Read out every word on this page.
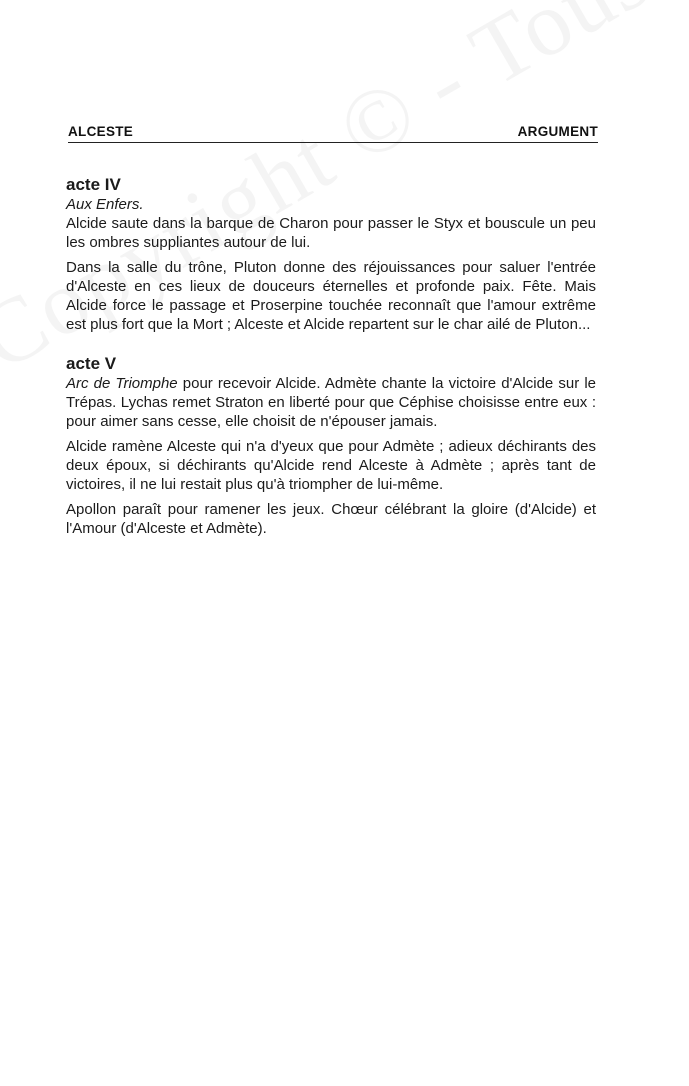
ALCESTE	ARGUMENT

acte IV

Aux Enfers.

Alcide saute dans la barque de Charon pour passer le Styx et bouscule un peu les ombres suppliantes autour de lui.

Dans la salle du trône, Pluton donne des réjouissances pour saluer l'entrée d'Alceste en ces lieux de douceurs éternelles et profonde paix. Fête. Mais Alcide force le passage et Proserpine touchée reconnaît que l'amour extrême est plus fort que la Mort ; Alceste et Alcide repartent sur le char ailé de Pluton...

acte V

Arc de Triomphe pour recevoir Alcide. Admète chante la victoire d'Alcide sur le Trépas. Lychas remet Straton en liberté pour que Céphise choisisse entre eux : pour aimer sans cesse, elle choisit de n'épouser jamais.

Alcide ramène Alceste qui n'a d'yeux que pour Admète ; adieux déchirants des deux époux, si déchirants qu'Alcide rend Alceste à Admète ; après tant de victoires, il ne lui restait plus qu'à triompher de lui-même.

Apollon paraît pour ramener les jeux. Chœur célébrant la gloire (d'Alcide) et l'Amour (d'Alceste et Admète).
